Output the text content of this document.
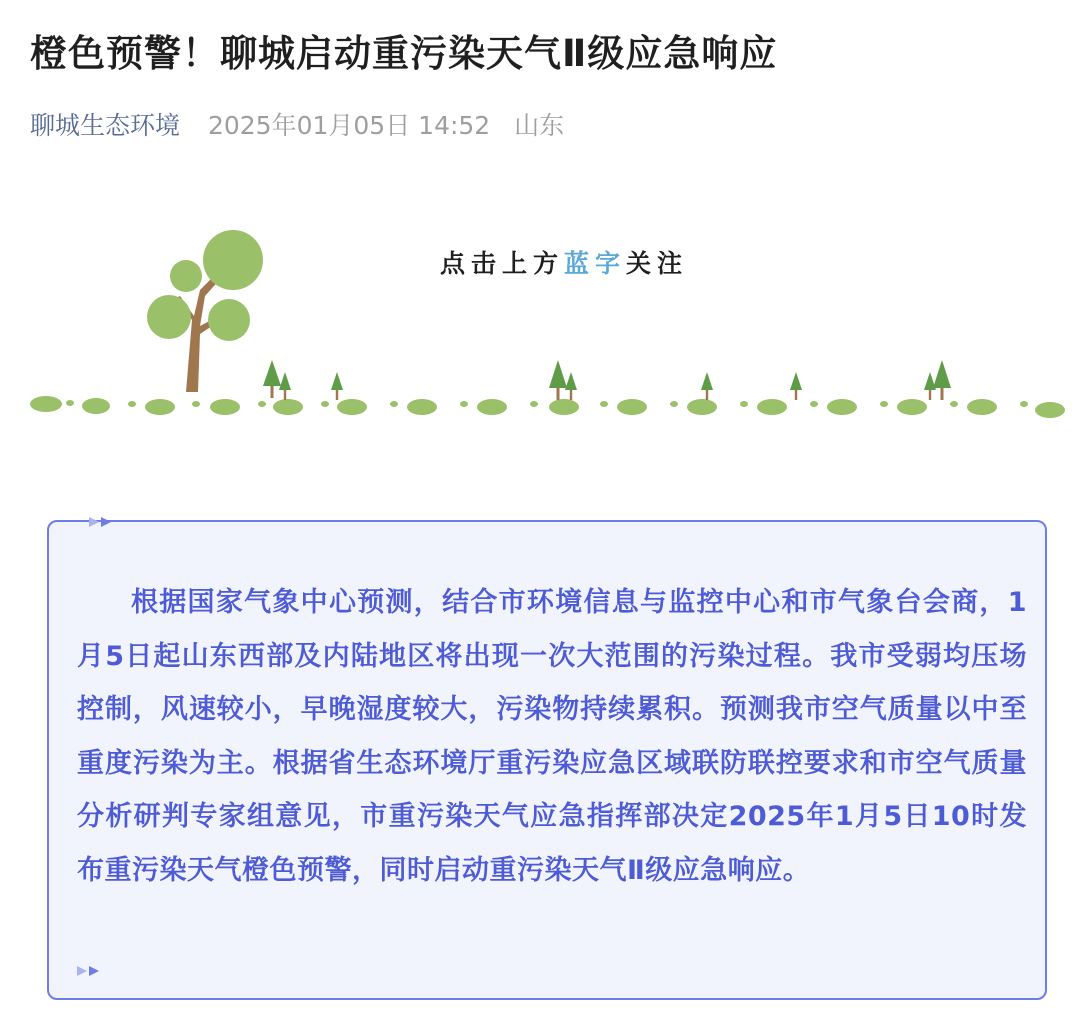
橙色预警！聊城启动重污染天气Ⅱ级应急响应
聊城生态环境 2025年01月05日 14:52 山东
点击上方蓝字关注
根据国家气象中心预测，结合市环境信息与监控中心和市气象台会商，1月5日起山东西部及内陆地区将出现一次大范围的污染过程。我市受弱均压场控制，风速较小，早晚湿度较大，污染物持续累积。预测我市空气质量以中至重度污染为主。根据省生态环境厅重污染应急区域联防联控要求和市空气质量分析研判专家组意见，市重污染天气应急指挥部决定2025年1月5日10时发布重污染天气橙色预警，同时启动重污染天气Ⅱ级应急响应。
